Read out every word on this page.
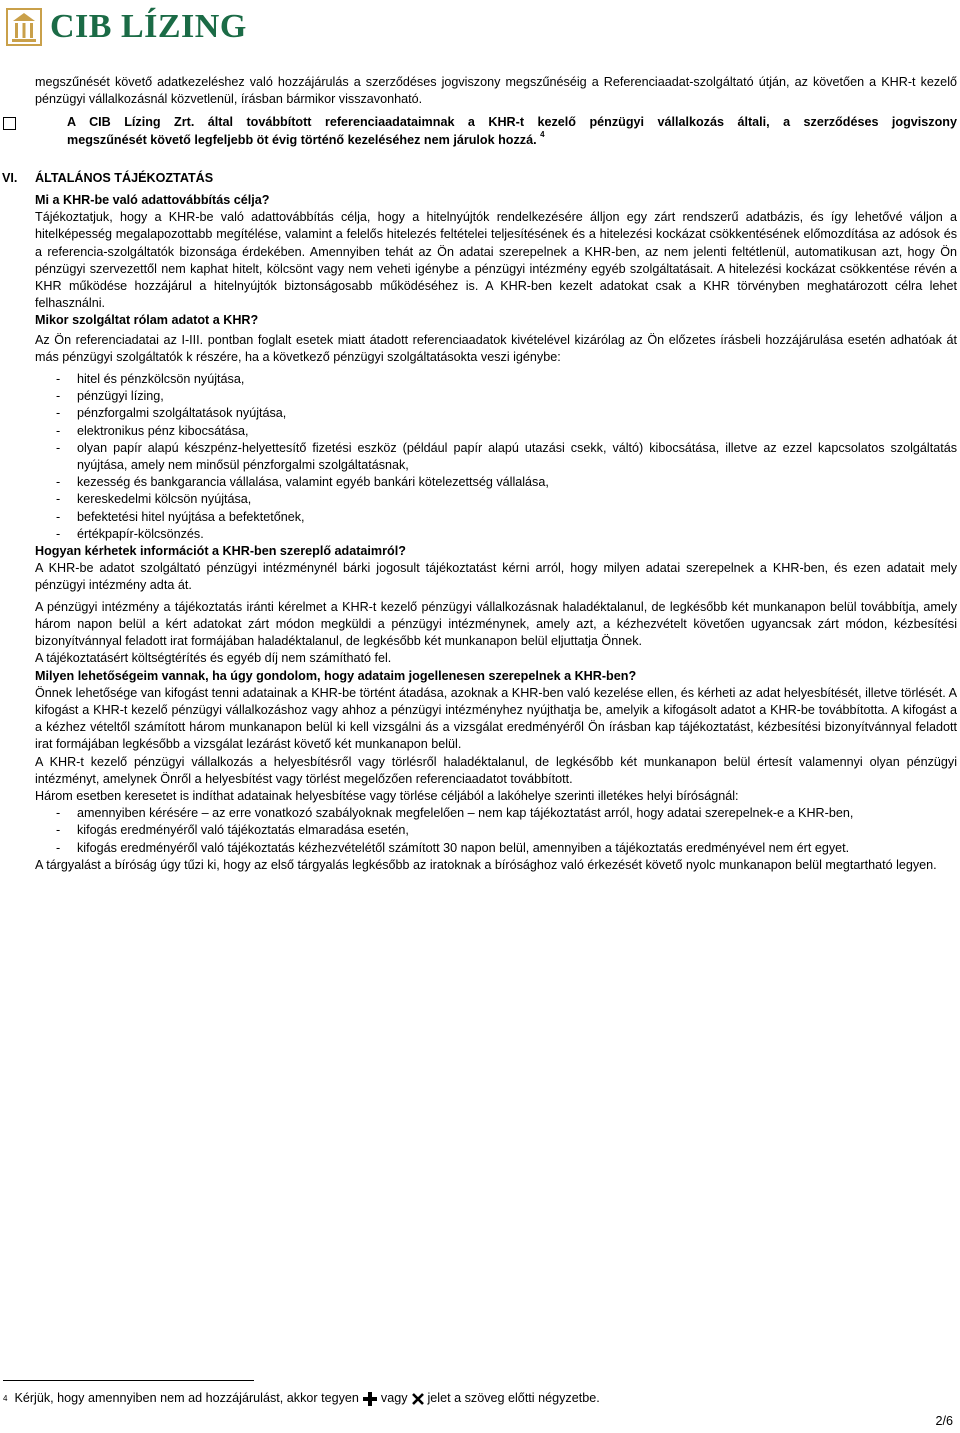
CIB LÍZING

megszűnését követő adatkezeléshez való hozzájárulás a szerződéses jogviszony megszűnéséig a Referenciaadat-szolgáltató útján, az követően a KHR-t kezelő pénzügyi vállalkozásnál közvetlenül, írásban bármikor visszavonható.

A CIB Lízing Zrt. által továbbított referenciaadataimnak a KHR-t kezelő pénzügyi vállalkozás általi, a szerződéses jogviszony

megszűnését követő legfeljebb öt évig történő kezeléséhez nem járulok hozzá. $^4$

VI. ÁLTALÁNOS TÁJÉKOZTATÁS

Mi a KHR-be való adattovábbítás célja?

Tájékoztatjuk, hogy a KHR-be való adattovábbítás célja, hogy a hitelnyújtók rendelkezésére álljon egy zárt rendszerű adatbázis, és így lehetővé váljon a hitelképesség megalapozottabb megítélése, valamint a felelős hitelezés feltételei teljesítésének és a hitelezési kockázat csökkentésének előmozdítása az adósok és a referencia-szolgáltatók bizonsága érdekében. Amennyiben tehát az Ön adatai szerepelnek a KHR-ben, az nem jelenti feltétlenül, automatikusan azt, hogy Ön pénzügyi szervezettől nem kaphat hitelt, kölcsönt vagy nem veheti igénybe a pénzügyi intézmény egyéb szolgáltatásait. A hitelezési kockázat csökkentése révén a KHR működése hozzájárul a hitelnyújtók biztonságosabb működéséhez is. A KHR-ben kezelt adatokat csak a KHR törvényben meghatározott célra lehet felhasználni.

Mikor szolgáltat rólam adatot a KHR?

Az Ön referenciadatai az I-III. pontban foglalt esetek miatt átadott referenciaadatok kivételével kizárólag az Ön előzetes írásbeli hozzájárulása esetén adhatóak át más pénzügyi szolgáltatók k részére, ha a következő pénzügyi szolgáltatásokta veszi igénybe:

- hitel és pénzkölcsön nyújtása,
- pénzügyi lízing,
- pénzforgalmi szolgáltatások nyújtása,
- elektronikus pénz kibocsátása,
- olyan papír alapú készpénz-helyettesítő fizetési eszköz (például papír alapú utazási csekk, váltó) kibocsátása, illetve az ezzel kapcsolatos szolgáltatás nyújtása, amely nem minősül pénzforgalmi szolgáltatásnak,
- kezesség és bankgarancia vállalása, valamint egyéb bankári kötelezettség vállalása,
- kereskedelmi kölcsön nyújtása,
- befektetési hitel nyújtása a befektetőnek,
- értékpapír-kölcsönzés.

Hogyan kérhetek információt a KHR-ben szereplő adataimról?

A KHR-be adatot szolgáltató pénzügyi intézménynél bárki jogosult tájékoztatást kérni arról, hogy milyen adatai szerepelnek a KHR-ben, és ezen adatait mely pénzügyi intézmény adta át.

A pénzügyi intézmény a tájékoztatás iránti kérelmet a KHR-t kezelő pénzügyi vállalkozásnak haladéktalanul, de legkésőbb két munkanapon belül továbbítja, amely három napon belül a kért adatokat zárt módon megküldi a pénzügyi intézménynek, amely azt, a kézhezvételt követően ugyancsak zárt módon, kézbesítési bizonyítvánnyal feladott irat formájában haladéktalanul, de legkésőbb két munkanapon belül eljuttatja Önnek.

A tájékoztatásért költségtérítés és egyéb díj nem számítható fel.

Milyen lehetőségeim vannak, ha úgy gondolom, hogy adataim jogellenesen szerepelnek a KHR-ben?

Önnek lehetősége van kifogást tenni adatainak a KHR-be történt átadása, azoknak a KHR-ben való kezelése ellen, és kérheti az adat helyesbítését, illetve törlését. A kifogást a KHR-t kezelő pénzügyi vállalkozáshoz vagy ahhoz a pénzügyi intézményhez nyújthatja be, amelyik a kifogásolt adatot a KHR-be továbbította. A kifogást a a kézhez vételtől számított három munkanapon belül ki kell vizsgálni ás a vizsgálat eredményéről Ön írásban kap tájékoztatást, kézbesítési bizonyítvánnyal feladott irat formájában legkésőbb a vizsgálat lezárást követő két munkanapon belül.

A KHR-t kezelő pénzügyi vállalkozás a helyesbítésről vagy törlésről haladéktalanul, de legkésőbb két munkanapon belül értesít valamennyi olyan pénzügyi intézményt, amelynek Önről a helyesbítést vagy törlést megelőzően referenciaadatot továbbított.

Három esetben keresetet is indíthat adatainak helyesbítése vagy törlése céljából a lakóhelye szerinti illetékes helyi bíróságnál:

- amennyiben kérésére – az erre vonatkozó szabályoknak megfelelően – nem kap tájékoztatást arról, hogy adatai szerepelnek-e a KHR-ben,
- kifogás eredményéről való tájékoztatás elmaradása esetén,
- kifogás eredményéről való tájékoztatás kézhezvételétől számított 30 napon belül, amennyiben a tájékoztatás eredményével nem ért egyet.

A tárgyalást a bíróság úgy tűzi ki, hogy az első tárgyalás legkésőbb az iratoknak a bírósághoz való érkezését követő nyolc munkanapon belül megtartható legyen.

4 Kérjük, hogy amennyiben nem ad hozzájárulást, akkor tegyen vagy jelet a szöveg előtti négyzetbe.
2/6
